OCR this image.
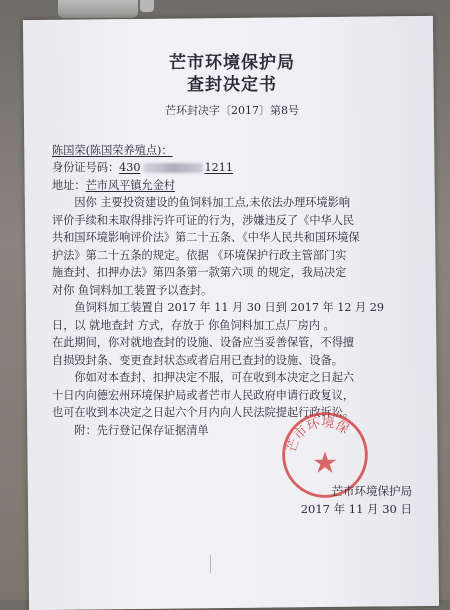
芒市环境保护局
查封决定书
芒环封决字〔2017〕第8号
陈国荣(陈国荣养殖点)：
身份证号码：430	1211
地址：芒市风平镇允金村
因你 主要投资建设的鱼饲料加工点,未依法办理环境影响
评价手续和未取得排污许可证的行为，涉嫌违反了《中华人民
共和国环境影响评价法》第二十五条、《中华人民共和国环境保
护法》第二十五条的规定。依据 《环境保护行政主管部门实
施查封、扣押办法》第四条第一款第六项 的规定，我局决定
对你 鱼饲料加工装置予以查封。
鱼饲料加工装置自 2017 年 11 月 30 日到 2017 年 12 月 29
日，以 就地查封 方式，存放于 你鱼饲料加工点厂房内 。
在此期间，你对就地查封的设施、设备应当妥善保管，不得擅
自损毁封条、变更查封状态或者启用已查封的设施、设备。
你如对本查封、扣押决定不服，可在收到本决定之日起六
十日内向德宏州环境保护局或者芒市人民政府申请行政复议，
也可在收到本决定之日起六个月内向人民法院提起行政诉讼。
附：先行登记保存证据清单
芒市环境保
芒市环境保护局
2017 年 11 月 30 日
